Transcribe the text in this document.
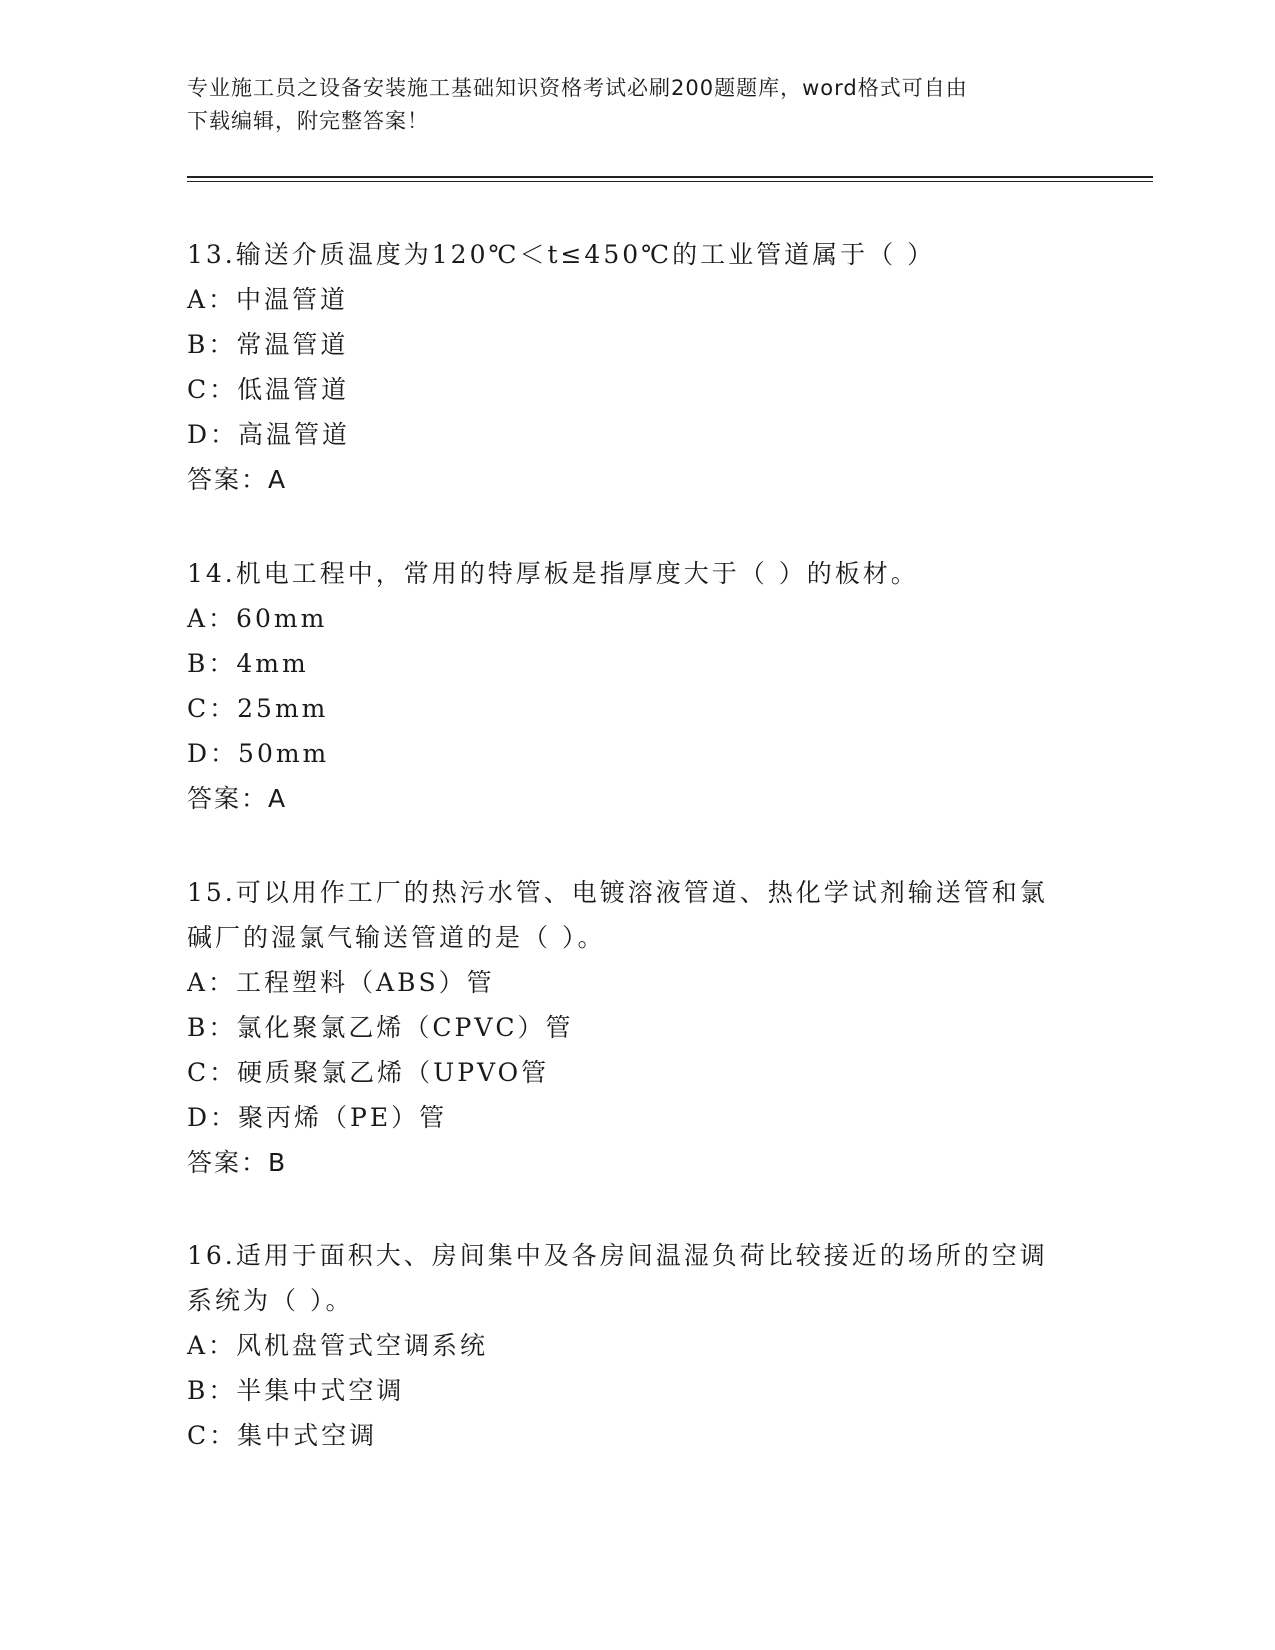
专业施工员之设备安装施工基础知识资格考试必刷200题题库，word格式可自由
下载编辑，附完整答案！

13.输送介质温度为120℃＜t≤450℃的工业管道属于（ ）

A：中温管道

B：常温管道

C：低温管道

D：高温管道

答案：A

14.机电工程中，常用的特厚板是指厚度大于（ ）的板材。

A：60mm

B：4mm

C：25mm

D：50mm

答案：A

15.可以用作工厂的热污水管、电镀溶液管道、热化学试剂输送管和氯

碱厂的湿氯气输送管道的是（ ）。

A：工程塑料（ABS）管

B：氯化聚氯乙烯（CPVC）管

C：硬质聚氯乙烯（UPVO管

D：聚丙烯（PE）管

答案：B

16.适用于面积大、房间集中及各房间温湿负荷比较接近的场所的空调

系统为（ ）。

A：风机盘管式空调系统

B：半集中式空调

C：集中式空调
